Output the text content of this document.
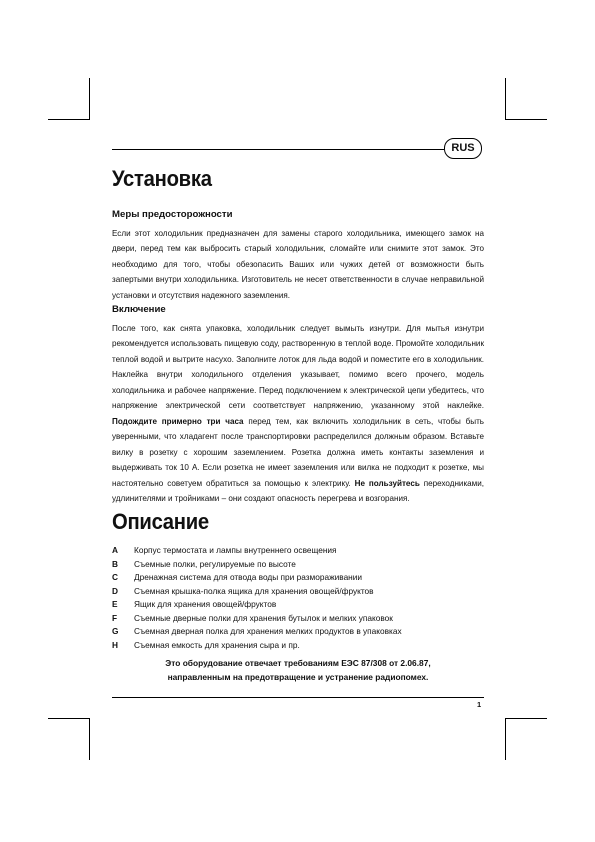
RUS
Установка
Меры предосторожности

Если этот холодильник предназначен для замены старого холодильника, имеющего замок на двери, перед тем как выбросить старый холодильник, сломайте или снимите этот замок. Это необходимо для того, чтобы обезопасить Ваших или чужих детей от возможности быть запертыми внутри холодильника. Изготовитель не несет ответственности в случае неправильной установки и отсутствия надежного заземления.

Включение

После того, как снята упаковка, холодильник следует вымыть изнутри. Для мытья изнутри рекомендуется использовать пищевую соду, растворенную в теплой воде. Промойте холодильник теплой водой и вытрите насухо. Заполните лоток для льда водой и поместите его в холодильник. Наклейка внутри холодильного отделения указывает, помимо всего прочего, модель холодильника и рабочее напряжение. Перед подключением к электрической цепи убедитесь, что напряжение электрической сети соответствует напряжению, указанному этой наклейке. Подождите примерно три часа перед тем, как включить холодильник в сеть, чтобы быть уверенными, что хладагент после транспортировки распределился должным образом. Вставьте вилку в розетку с хорошим заземлением. Розетка должна иметь контакты заземления и выдерживать ток 10 А. Если розетка не имеет заземления или вилка не подходит к розетке, мы настоятельно советуем обратиться за помощью к электрику. Не пользуйтесь переходниками, удлинителями и тройниками – они создают опасность перегрева и возгорания.

Описание
A Корпус термостата и лампы внутреннего освещения
B Съемные полки, регулируемые по высоте
C Дренажная система для отвода воды при размораживании
D Съемная крышка-полка ящика для хранения овощей/фруктов
E Ящик для хранения овощей/фруктов
F Съемные дверные полки для хранения бутылок и мелких упаковок
G Съемная дверная полка для хранения мелких продуктов в упаковках
H Съемная емкость для хранения сыра и пр.

Это оборудование отвечает требованиям ЕЭС 87/308 от 2.06.87,
направленным на предотвращение и устранение радиопомех.

1
